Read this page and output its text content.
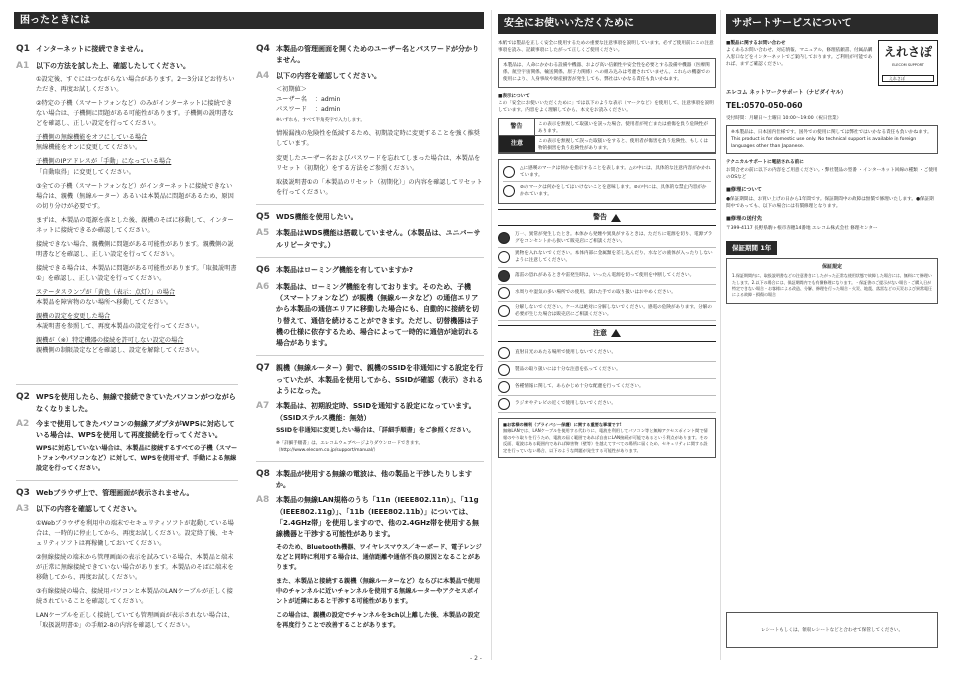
困ったときには
Q1 インターネットに接続できません。
A1 以下の方法を試した上、確認したしてください。

①設定後、すぐにはつながらない場合があります。2～3分ほどお待ちいただき、再度お試しください。

②特定の子機（スマートフォンなど）のみがインターネットに接続できない場合は、子機側に問題がある可能性があります。子機側の説明書などを確認し、正しい設定を行ってください。

子機側の無線機能をオフにしている場合
無線機能をオンに変更してください。

子機側のIPアドレスが「手動」になっている場合
「自動取得」に変更してください。

③全ての子機（スマートフォンなど）がインターネットに接続できない場合は、親機（無線ルーター）あるいは本製品に問題があるため、原因の切り分けが必要です。

まずは、本製品の電源を落とした後、親機のそばに移動して、インターネットに接続できるか確認してください。

接続できない場合、親機側に問題がある可能性があります。親機側の説明書などを確認し、正しい設定を行ってください。

接続できる場合は、本製品に問題がある可能性があります。「取扱説明書①」を確認し、正しい設定を行ってください。

ステータスランプが「黄色（表示：点灯）」の場合
本製品を障害物のない場所へ移動してください。

親機の設定を変更した場合
本説明書を参照して、再度本製品の設定を行ってください。

親機が（※）特定機器の接続を許可しない設定の場合
親機側の制限設定などを確認し、設定を解除してください。

Q2 WPSを使用したら、無線で接続できていたパソコンがつながらなくなりました。
A2 今まで使用してきたパソコンの無線アダプタがWPSに対応している場合は、WPSを使用して再度接続を行ってください。

WPSに対応していない場合は、本製品に接続するすべての子機（スマートフォンやパソコンなど）に対して、WPSを使用せず、手動による無線設定を行ってください。

Q3 Webブラウザ上で、管理画面が表示されません。
A3 以下の内容を確認してください。

①Webブラウザを利用中の端末でセキュリティソフトが起動している場合は、一時的に停止してから、再度お試しください。設定終了後、セキュリティソフトは再稼働しておいてください。

②無線接続の端末から管理画面の表示を試みている場合、本製品と端末が正常に無線接続できていない場合があります。本製品のそばに端末を移動してから、再度お試しください。

③有線接続の場合、接続用パソコンと本製品のLANケーブルが正しく接続されていることを確認してください。

LANケーブルを正しく接続していても管理画面が表示されない場合は、「取扱説明書①」の手順2-8の内容を確認してください。

Q4 本製品の管理画面を開くためのユーザー名とパスワードが分かりません。
A4 以下の内容を確認してください。

＜初期値＞
ユーザー名 ：admin
パスワード ：admin
※いずれも、すべて半角英字で入力します。

情報漏洩の危険性を低減するため、初期設定時に変更することを強く推奨しています。

変更したユーザー名およびパスワードを忘れてしまった場合は、本製品をリセット（初期化）をする方法をご参照ください。

取扱説明書①の「本製品のリセット（初期化）」の内容を確認してリセットを行ってください。

Q5 WDS機能を使用したい。
A5 本製品はWDS機能は搭載していません。（本製品は、ユニバーサルリピータです。）
Q6 本製品はローミング機能を有していますか?
A6 本製品は、ローミング機能を有しております。そのため、子機（スマートフォンなど）が親機（無線ルータなど）の通信エリアから本製品の通信エリアに移動した場合にも、自動的に接続を切り替えて、通信を続けることができます。ただし、切替機器は子機の仕様に依存するため、場合によって一時的に通信が途切れる場合があります。
Q7 親機（無線ルーター）側で、親機のSSIDを非通知にする設定を行っていたが、本製品を使用してから、SSIDが確認（表示）されるようになった。
A7 本製品は、初期設定時、SSIDを通知する設定になっています。（SSIDステルス機能：無効）

SSIDを非通知に変更したい場合は、「詳細手順書」をご参照ください。

※「詳細手順書」は、エレコムウェブページよりダウンロードできます。（http://www.elecom.co.jp/support/manual/）

Q8 本製品が使用する無線の電波は、他の製品と干渉したりしますか。
A8 本製品の無線LAN規格のうち「11n（IEEE802.11n）」、「11g（IEEE802.11g）」、「11b（IEEE802.11b）」については、「2.4GHz帯」を使用しますので、他の2.4GHz帯を使用する無線機器と干渉する可能性があります。

そのため、Bluetooth機器、ワイヤレスマウス／キーボード、電子レンジなどと同時に利用する場合は、通信距離や通信不良の原因となることがあります。

また、本製品と接続する親機（無線ルーターなど）ならびに本製品で使用中のチャンネルに近いチャンネルを使用する無線ルーターやアクセスポイントが近隣にあると干渉する可能性があります。

この場合は、親機の設定でチャンネルを3ch以上離した後、本製品の設定を再度行うことで改善することがあります。

安全にお使いいただくために

本紙では製品を正しく安全に使用するための重要な注意事項を説明しています。必ずご使用前にこの注意事項を読み、記載事項にしたがって正しくご使用ください。

本製品は、人命にかかわる設備や機器、および高い信頼性や安全性を必要とする設備や機器（医療関係、航空宇宙関係、輸送関係、原子力関係）への組み込みは考慮されていません。これらの機器での使用により、人身事故や財産損害が発生しても、弊社はいかなる責任も負いかねます。

■表示について
この「安全にお使いいただくために」では以下のような表示（マークなど）を使用して、注意事項を説明しています。内容をよく理解してから、本文をお読みください。

警告	この表示を無視して取扱いを誤った場合、使用者が死亡または重傷を負う危険性があります。
注意	この表示を無視して誤った取扱いをすると、使用者が傷害を負う危険性、もしくは物的損害を負う危険性があります。
△に感嘆のマークは何かを指示することを表します。△の中には、具体的な注意内容がかかれています。
⊘のマークは何かをしてはいけないことを意味します。⊘の中には、具体的な禁止内容がかかれています。
警告
万一、異常が発生したとき。本体から発煙や異臭がするときは、ただちに電源を切り、電源プラグをコンセントから抜いて販売店にご相談ください。
異物を入れないでください。本体内部に金属類を差し込んだり、水などの液体が入ったりしないように注意してください。
落雷の恐れがあるときや雷発生時は、いったん電源を切って使用を中断してください。
水周りや湿気の多い場所での使用、濡れた手での取り扱いはおやめください。
分解しないでください。ケースは絶対に分解しないでください。感電の危険があります。分解の必要が生じた場合は販売店にご相談ください。
注意
直射日光のあたる場所で使用しないでください。
製品の取り扱いには十分な注意を払ってください。
各種情報に関して、あらかじめ十分な配慮を行ってください。
ラジオやテレビの近くで使用しないでください。
■お客様の権利（プライバシー保護）に関する重要な事項です!
無線LANでは、LANケーブルを使用する代わりに、電波を利用してパソコン等と無線アクセスポイント間で情報のやり取りを行うため、電波の届く範囲であれば自由にLAN接続が可能であるという利点があります。その反面、電波はある範囲内であれば障害物（壁等）を越えてすべての場所に届くため、セキュリティに関する設定を行っていない場合、以下のような問題が発生する可能性があります。
- 2 -
サポートサービスについて
えれさぽ
ELECOM SUPPORT
えれさぽ

■製品に関するお問い合わせ
よくあるお問い合わせ、対応情報、マニュアル、修理依頼書、付属品購入窓口などをインターネットでご案内しております。ご利用が可能であれば、まずご確認ください。

エレコム ネットワークサポート（ナビダイヤル）

TEL:0570-050-060

受付時間：月曜日～土曜日 10:00～19:00（祝日営業）

※本製品は、日本国内仕様です。国外での使用に関しては弊社ではいかなる責任も負いかねます。This product is for domestic use only. No technical support is available in foreign languages other than Japanese.

テクニカルサポートに電話される前に
お問合せの前に以下の内容をご用意ください。・弊社製品の型番 ・インターネット回線の種類 ・ご使用のOSなど

■修理について

●保証期間は、お買い上げの日から1年間です。保証期間中の故障は無償で修理いたします。●保証期間中であっても、以下の場合には有償修理となります。

■修理の送付先

〒399-4117 長野県駒ヶ根市赤穂14番地 エレコム株式会社 修理センター

保証期間 1年
保証規定
1.保証期間内に、取扱説明書などの注意書きにしたがった正常な使用状態で故障した場合には、無料にて修理いたします。2.以下の場合には、保証期間内でも有償修理になります。・保証書のご提示がない場合・ご購入日が特定できない場合・お客様による改造、分解、修理を行った場合・火災、地震、落雷などの天災および異常電圧による故障・損傷の場合
レシートもしくは、領収レシートなどと合わせて保管してください。
